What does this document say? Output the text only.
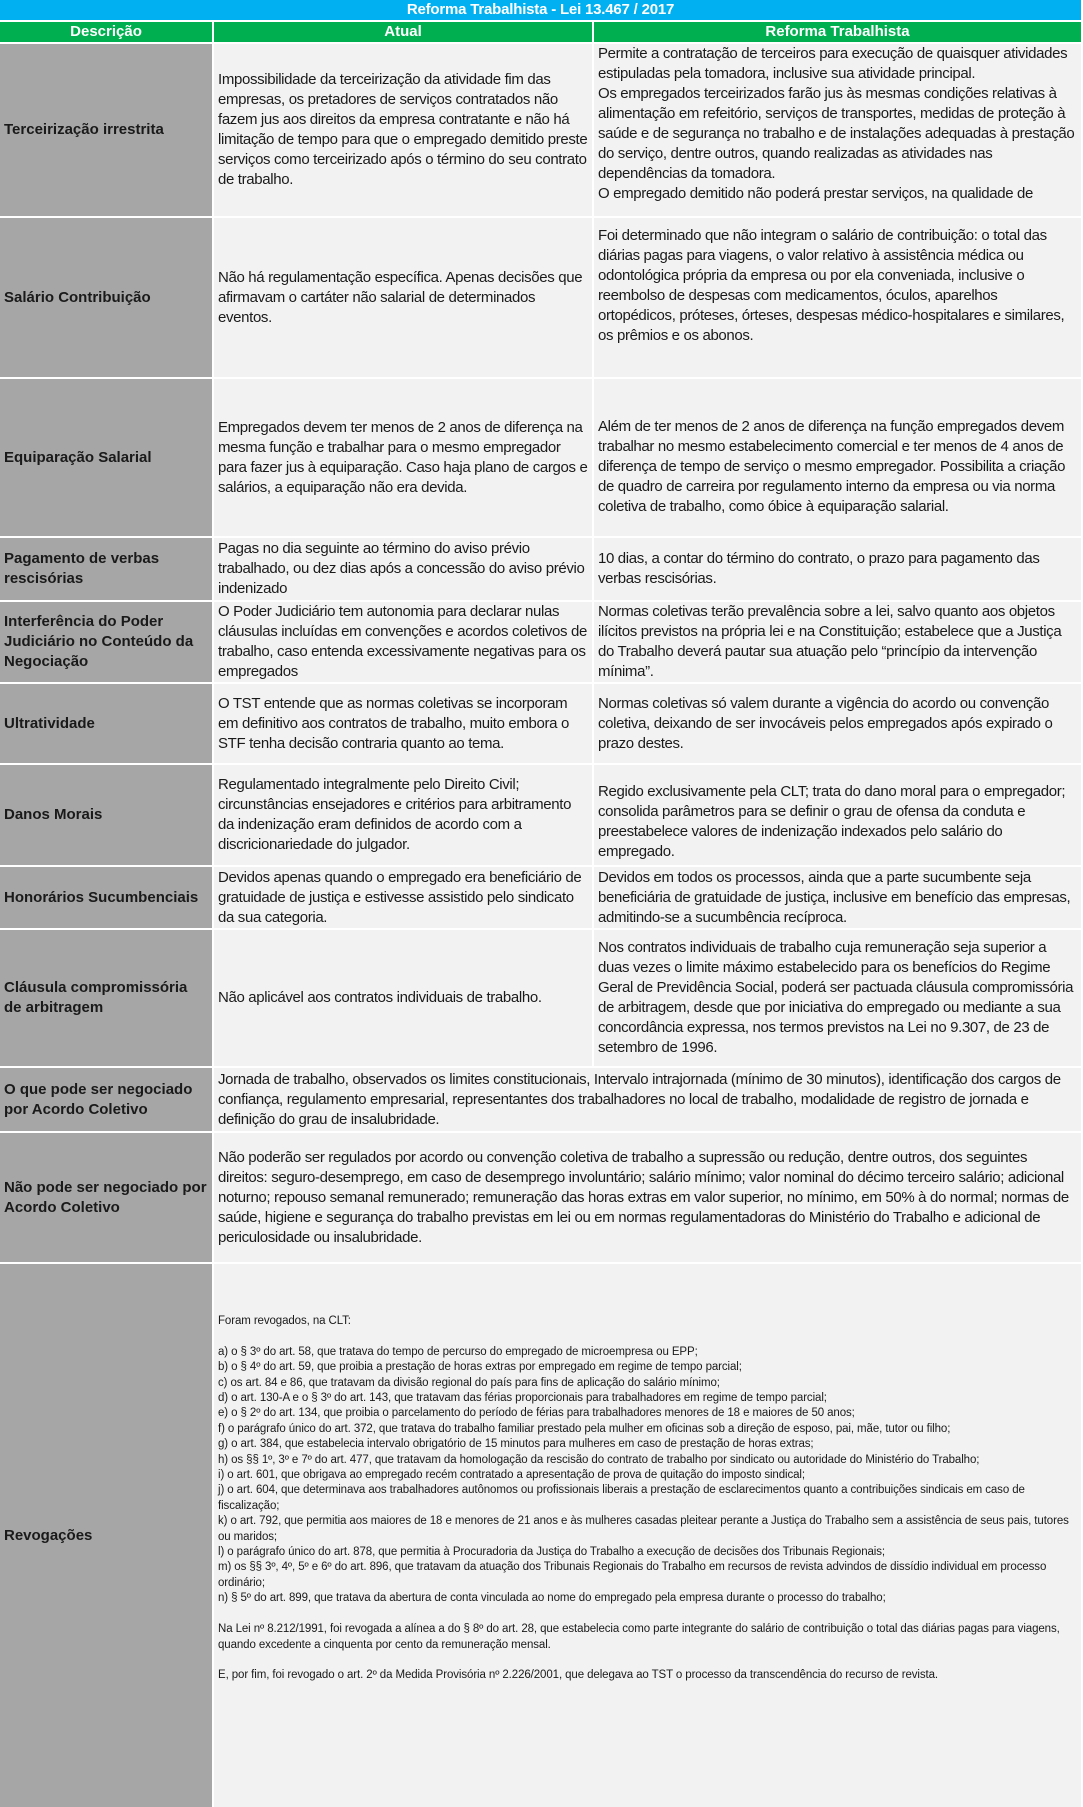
Reforma Trabalhista - Lei 13.467 / 2017
Descrição	Atual	Reforma Trabalhista
Terceirização irrestrita
Impossibilidade da terceirização da atividade fim das empresas, os pretadores de serviços contratados não fazem jus aos direitos da empresa contratante e não há limitação de tempo para que o empregado demitido preste serviços como terceirizado após o término do seu contrato de trabalho.
Permite a contratação de terceiros para execução de quaisquer atividades estipuladas pela tomadora, inclusive sua atividade principal.
Os empregados terceirizados farão jus às mesmas condições relativas à alimentação em refeitório, serviços de transportes, medidas de proteção à saúde e de segurança no trabalho e de instalações adequadas à prestação do serviço, dentre outros, quando realizadas as atividades nas dependências da tomadora.
O empregado demitido não poderá prestar serviços, na qualidade de
Salário Contribuição
Não há regulamentação específica. Apenas decisões que afirmavam o cartáter não salarial de determinados eventos.
Foi determinado que não integram o salário de contribuição: o total das diárias pagas para viagens, o valor relativo à assistência médica ou odontológica própria da empresa ou por ela conveniada, inclusive o reembolso de despesas com medicamentos, óculos, aparelhos ortopédicos, próteses, órteses, despesas médico-hospitalares e similares, os prêmios e os abonos.
Equiparação Salarial
Empregados devem ter menos de 2 anos de diferença na mesma função e trabalhar para o mesmo empregador para fazer jus à equiparação. Caso haja plano de cargos e salários, a equiparação não era devida.
Além de ter menos de 2 anos de diferença na função empregados devem trabalhar no mesmo estabelecimento comercial e ter menos de 4 anos de diferença de tempo de serviço o mesmo empregador. Possibilita a criação de quadro de carreira por regulamento interno da empresa ou via norma coletiva de trabalho, como óbice à equiparação salarial.
Pagamento de verbas rescisórias
Pagas no dia seguinte ao término do aviso prévio trabalhado, ou dez dias após a concessão do aviso prévio indenizado
10 dias, a contar do término do contrato, o prazo para pagamento das verbas rescisórias.
Interferência do Poder Judiciário no Conteúdo da Negociação
O Poder Judiciário tem autonomia para declarar nulas cláusulas incluídas em convenções e acordos coletivos de trabalho, caso entenda excessivamente negativas para os empregados
Normas coletivas terão prevalência sobre a lei, salvo quanto aos objetos ilícitos previstos na própria lei e na Constituição; estabelece que a Justiça do Trabalho deverá pautar sua atuação pelo “princípio da intervenção mínima”.
Ultratividade
O TST entende que as normas coletivas se incorporam em definitivo aos contratos de trabalho, muito embora o STF tenha decisão contraria quanto ao tema.
Normas coletivas só valem durante a vigência do acordo ou convenção coletiva, deixando de ser invocáveis pelos empregados após expirado o prazo destes.
Danos Morais
Regulamentado integralmente pelo Direito Civil; circunstâncias ensejadores e critérios para arbitramento da indenização eram definidos de acordo com a discricionariedade do julgador.
Regido exclusivamente pela CLT; trata do dano moral para o empregador; consolida parâmetros para se definir o grau de ofensa da conduta e preestabelece valores de indenização indexados pelo salário do empregado.
Honorários Sucumbenciais
Devidos apenas quando o empregado era beneficiário de gratuidade de justiça e estivesse assistido pelo sindicato da sua categoria.
Devidos em todos os processos, ainda que a parte sucumbente seja beneficiária de gratuidade de justiça, inclusive em benefício das empresas, admitindo-se a sucumbência recíproca.
Cláusula compromissória de arbitragem
Não aplicável aos contratos individuais de trabalho.
Nos contratos individuais de trabalho cuja remuneração seja superior a duas vezes o limite máximo estabelecido para os benefícios do Regime Geral de Previdência Social, poderá ser pactuada cláusula compromissória de arbitragem, desde que por iniciativa do empregado ou mediante a sua concordância expressa, nos termos previstos na Lei no 9.307, de 23 de setembro de 1996.
O que pode ser negociado por Acordo Coletivo
Jornada de trabalho, observados os limites constitucionais, Intervalo intrajornada (mínimo de 30 minutos), identificação dos cargos de confiança, regulamento empresarial, representantes dos trabalhadores no local de trabalho, modalidade de registro de jornada e definição do grau de insalubridade.
Não pode ser negociado por Acordo Coletivo
Não poderão ser regulados por acordo ou convenção coletiva de trabalho a supressão ou redução, dentre outros, dos seguintes direitos: seguro-desemprego, em caso de desemprego involuntário; salário mínimo; valor nominal do décimo terceiro salário; adicional noturno; repouso semanal remunerado; remuneração das horas extras em valor superior, no mínimo, em 50% à do normal; normas de saúde, higiene e segurança do trabalho previstas em lei ou em normas regulamentadoras do Ministério do Trabalho e adicional de periculosidade ou insalubridade.
Revogações

Foram revogados, na CLT:

a) o § 3º do art. 58, que tratava do tempo de percurso do empregado de microempresa ou EPP;

b) o § 4º do art. 59, que proibia a prestação de horas extras por empregado em regime de tempo parcial;

c) os art. 84 e 86, que tratavam da divisão regional do país para fins de aplicação do salário mínimo;

d) o art. 130-A e o § 3º do art. 143, que tratavam das férias proporcionais para trabalhadores em regime de tempo parcial;

e) o § 2º do art. 134, que proibia o parcelamento do período de férias para trabalhadores menores de 18 e maiores de 50 anos;

f) o parágrafo único do art. 372, que tratava do trabalho familiar prestado pela mulher em oficinas sob a direção de esposo, pai, mãe, tutor ou filho;

g) o art. 384, que estabelecia intervalo obrigatório de 15 minutos para mulheres em caso de prestação de horas extras;

h) os §§ 1º, 3º e 7º do art. 477, que tratavam da homologação da rescisão do contrato de trabalho por sindicato ou autoridade do Ministério do Trabalho;

i) o art. 601, que obrigava ao empregado recém contratado a apresentação de prova de quitação do imposto sindical;

j) o art. 604, que determinava aos trabalhadores autônomos ou profissionais liberais a prestação de esclarecimentos quanto a contribuições sindicais em caso de fiscalização;

k) o art. 792, que permitia aos maiores de 18 e menores de 21 anos e às mulheres casadas pleitear perante a Justiça do Trabalho sem a assistência de seus pais, tutores ou maridos;

l) o parágrafo único do art. 878, que permitia à Procuradoria da Justiça do Trabalho a execução de decisões dos Tribunais Regionais;

m) os §§ 3º, 4º, 5º e 6º do art. 896, que tratavam da atuação dos Tribunais Regionais do Trabalho em recursos de revista advindos de dissídio individual em processo ordinário;

n) § 5º do art. 899, que tratava da abertura de conta vinculada ao nome do empregado pela empresa durante o processo do trabalho;

Na Lei nº 8.212/1991, foi revogada a alínea a do § 8º do art. 28, que estabelecia como parte integrante do salário de contribuição o total das diárias pagas para viagens, quando excedente a cinquenta por cento da remuneração mensal.

E, por fim, foi revogado o art. 2º da Medida Provisória nº 2.226/2001, que delegava ao TST o processo da transcendência do recurso de revista.
